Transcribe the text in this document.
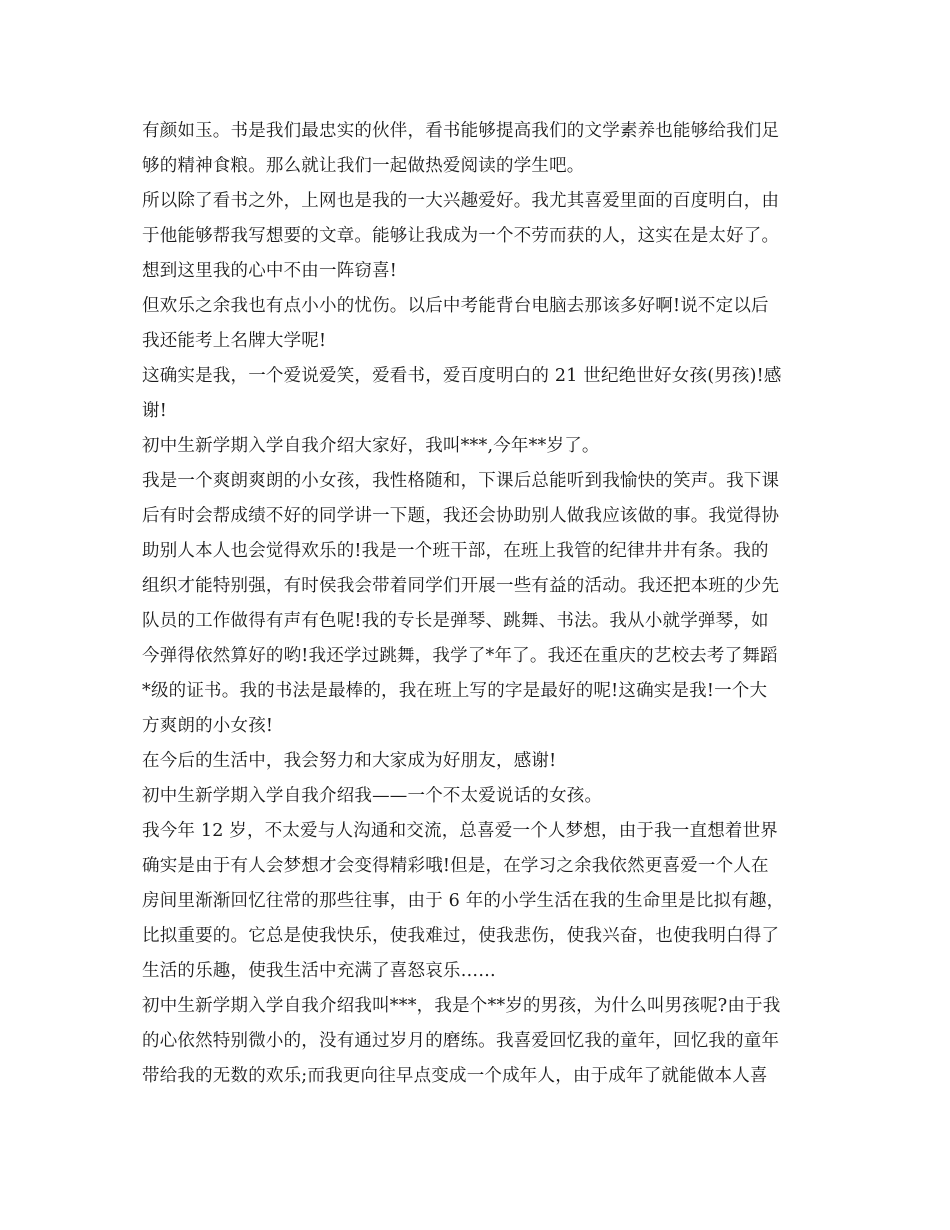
有颜如玉。书是我们最忠实的伙伴，看书能够提高我们的文学素养也能够给我们足
够的精神食粮。那么就让我们一起做热爱阅读的学生吧。
所以除了看书之外，上网也是我的一大兴趣爱好。我尤其喜爱里面的百度明白，由
于他能够帮我写想要的文章。能够让我成为一个不劳而获的人，这实在是太好了。
想到这里我的心中不由一阵窃喜!
但欢乐之余我也有点小小的忧伤。以后中考能背台电脑去那该多好啊!说不定以后
我还能考上名牌大学呢!
这确实是我，一个爱说爱笑，爱看书，爱百度明白的 21 世纪绝世好女孩(男孩)!感
谢!
初中生新学期入学自我介绍大家好，我叫***,今年**岁了。
我是一个爽朗爽朗的小女孩，我性格随和，下课后总能听到我愉快的笑声。我下课
后有时会帮成绩不好的同学讲一下题，我还会协助别人做我应该做的事。我觉得协
助别人本人也会觉得欢乐的!我是一个班干部，在班上我管的纪律井井有条。我的
组织才能特别强，有时侯我会带着同学们开展一些有益的活动。我还把本班的少先
队员的工作做得有声有色呢!我的专长是弹琴、跳舞、书法。我从小就学弹琴，如
今弹得依然算好的哟!我还学过跳舞，我学了*年了。我还在重庆的艺校去考了舞蹈
*级的证书。我的书法是最棒的，我在班上写的字是最好的呢!这确实是我!一个大
方爽朗的小女孩!
在今后的生活中，我会努力和大家成为好朋友，感谢!
初中生新学期入学自我介绍我——一个不太爱说话的女孩。
我今年 12 岁，不太爱与人沟通和交流，总喜爱一个人梦想，由于我一直想着世界
确实是由于有人会梦想才会变得精彩哦!但是，在学习之余我依然更喜爱一个人在
房间里渐渐回忆往常的那些往事，由于 6 年的小学生活在我的生命里是比拟有趣，
比拟重要的。它总是使我快乐，使我难过，使我悲伤，使我兴奋，也使我明白得了
生活的乐趣，使我生活中充满了喜怒哀乐……
初中生新学期入学自我介绍我叫***，我是个**岁的男孩，为什么叫男孩呢?由于我
的心依然特别微小的，没有通过岁月的磨练。我喜爱回忆我的童年，回忆我的童年
带给我的无数的欢乐;而我更向往早点变成一个成年人，由于成年了就能做本人喜
